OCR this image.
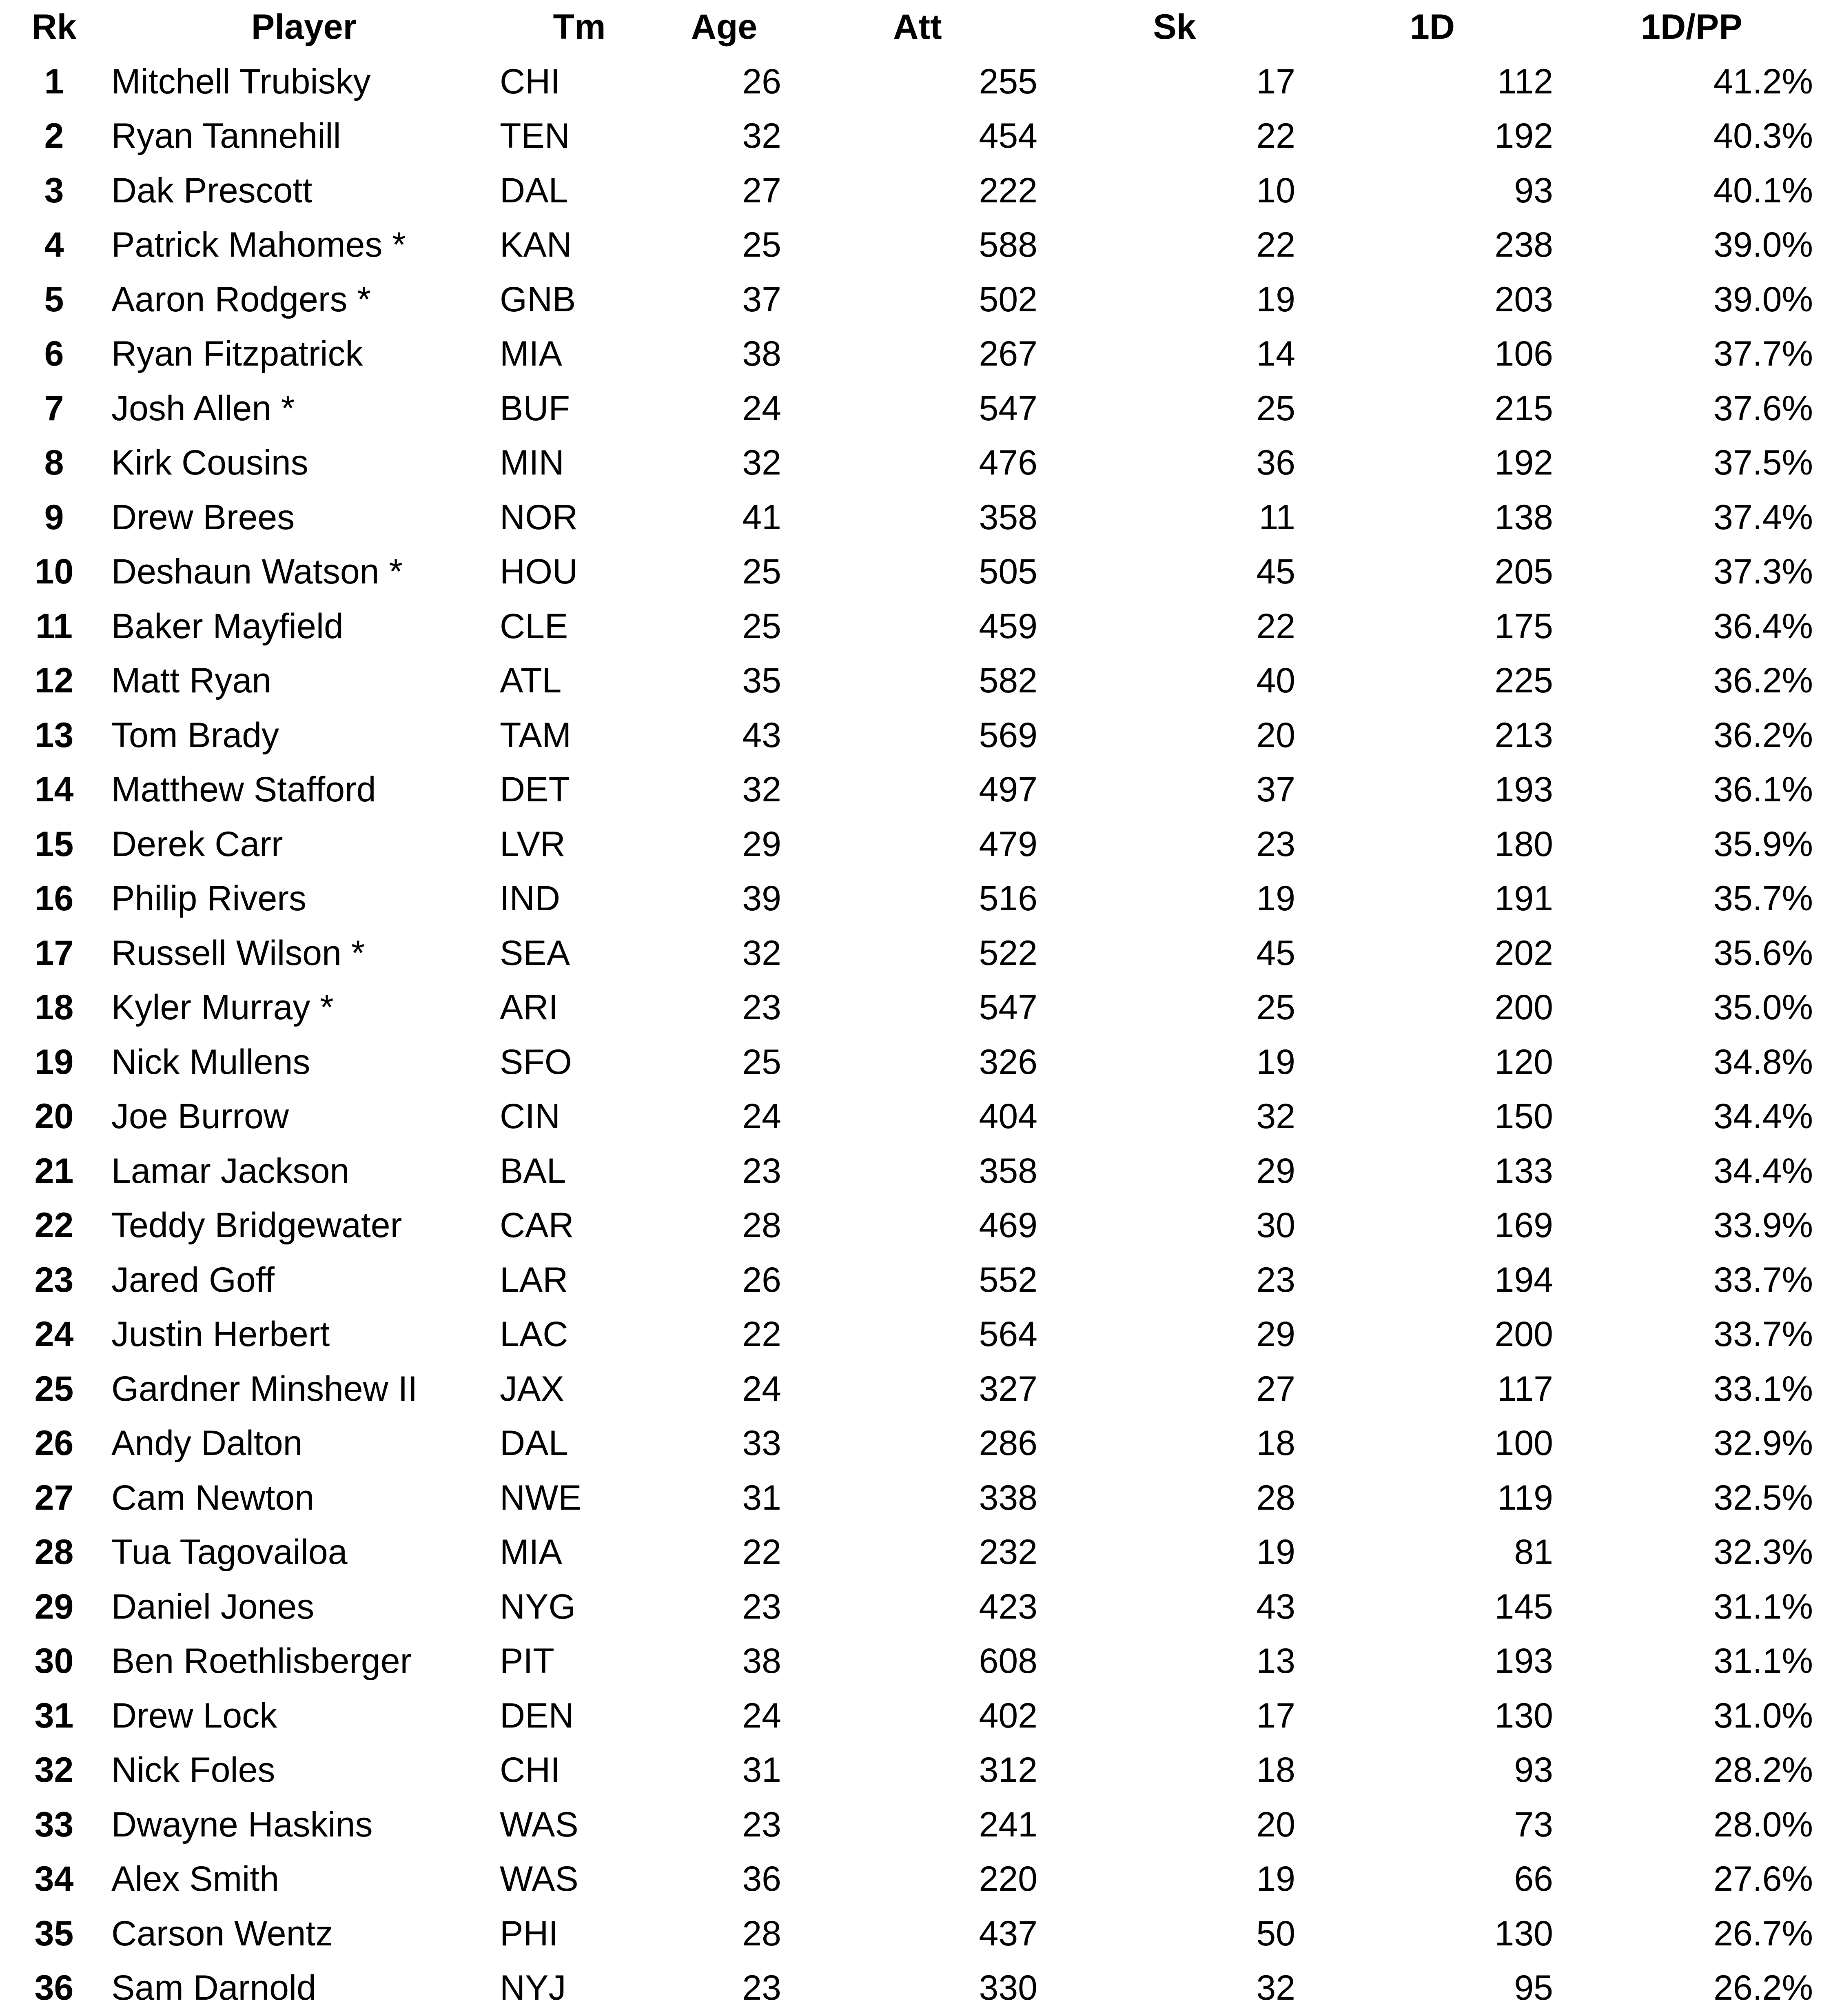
Rk	Player	Tm	Age	Att	Sk	1D	1D/PP
1	Mitchell Trubisky	CHI	26	255	17	112	41.2%
2	Ryan Tannehill	TEN	32	454	22	192	40.3%
3	Dak Prescott	DAL	27	222	10	93	40.1%
4	Patrick Mahomes *	KAN	25	588	22	238	39.0%
5	Aaron Rodgers *	GNB	37	502	19	203	39.0%
6	Ryan Fitzpatrick	MIA	38	267	14	106	37.7%
7	Josh Allen *	BUF	24	547	25	215	37.6%
8	Kirk Cousins	MIN	32	476	36	192	37.5%
9	Drew Brees	NOR	41	358	11	138	37.4%
10	Deshaun Watson *	HOU	25	505	45	205	37.3%
11	Baker Mayfield	CLE	25	459	22	175	36.4%
12	Matt Ryan	ATL	35	582	40	225	36.2%
13	Tom Brady	TAM	43	569	20	213	36.2%
14	Matthew Stafford	DET	32	497	37	193	36.1%
15	Derek Carr	LVR	29	479	23	180	35.9%
16	Philip Rivers	IND	39	516	19	191	35.7%
17	Russell Wilson *	SEA	32	522	45	202	35.6%
18	Kyler Murray *	ARI	23	547	25	200	35.0%
19	Nick Mullens	SFO	25	326	19	120	34.8%
20	Joe Burrow	CIN	24	404	32	150	34.4%
21	Lamar Jackson	BAL	23	358	29	133	34.4%
22	Teddy Bridgewater	CAR	28	469	30	169	33.9%
23	Jared Goff	LAR	26	552	23	194	33.7%
24	Justin Herbert	LAC	22	564	29	200	33.7%
25	Gardner Minshew II	JAX	24	327	27	117	33.1%
26	Andy Dalton	DAL	33	286	18	100	32.9%
27	Cam Newton	NWE	31	338	28	119	32.5%
28	Tua Tagovailoa	MIA	22	232	19	81	32.3%
29	Daniel Jones	NYG	23	423	43	145	31.1%
30	Ben Roethlisberger	PIT	38	608	13	193	31.1%
31	Drew Lock	DEN	24	402	17	130	31.0%
32	Nick Foles	CHI	31	312	18	93	28.2%
33	Dwayne Haskins	WAS	23	241	20	73	28.0%
34	Alex Smith	WAS	36	220	19	66	27.6%
35	Carson Wentz	PHI	28	437	50	130	26.7%
36	Sam Darnold	NYJ	23	330	32	95	26.2%
